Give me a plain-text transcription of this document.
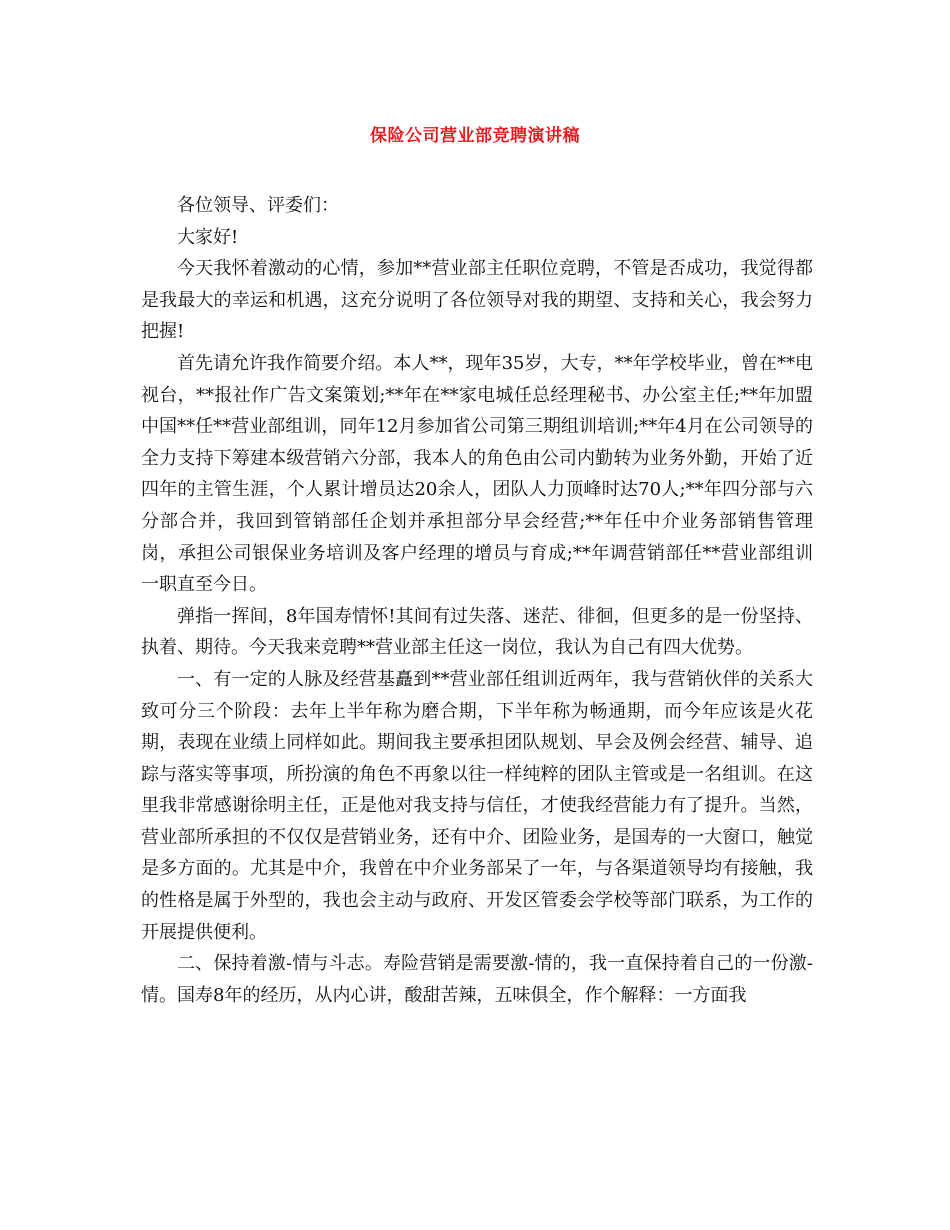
保险公司营业部竞聘演讲稿

各位领导、评委们：

大家好!

今天我怀着激动的心情，参加**营业部主任职位竞聘，不管是否成功，我觉得都是我最大的幸运和机遇，这充分说明了各位领导对我的期望、支持和关心，我会努力把握!

首先请允许我作简要介绍。本人**，现年35岁，大专，**年学校毕业，曾在**电视台，**报社作广告文案策划;**年在**家电城任总经理秘书、办公室主任;**年加盟中国**任**营业部组训，同年12月参加省公司第三期组训培训;**年4月在公司领导的全力支持下筹建本级营销六分部，我本人的角色由公司内勤转为业务外勤，开始了近四年的主管生涯，个人累计增员达20余人，团队人力顶峰时达70人;**年四分部与六分部合并，我回到管销部任企划并承担部分早会经营;**年任中介业务部销售管理岗，承担公司银保业务培训及客户经理的增员与育成;**年调营销部任**营业部组训一职直至今日。

弹指一挥间，8年国寿情怀!其间有过失落、迷茫、徘徊，但更多的是一份坚持、执着、期待。今天我来竞聘**营业部主任这一岗位，我认为自己有四大优势。

一、有一定的人脉及经营基矗到**营业部任组训近两年，我与营销伙伴的关系大致可分三个阶段：去年上半年称为磨合期，下半年称为畅通期，而今年应该是火花期，表现在业绩上同样如此。期间我主要承担团队规划、早会及例会经营、辅导、追踪与落实等事项，所扮演的角色不再象以往一样纯粹的团队主管或是一名组训。在这里我非常感谢徐明主任，正是他对我支持与信任，才使我经营能力有了提升。当然，营业部所承担的不仅仅是营销业务，还有中介、团险业务，是国寿的一大窗口，触觉是多方面的。尤其是中介，我曾在中介业务部呆了一年，与各渠道领导均有接触，我的性格是属于外型的，我也会主动与政府、开发区管委会学校等部门联系，为工作的开展提供便利。

二、保持着激-情与斗志。寿险营销是需要激-情的，我一直保持着自己的一份激-情。国寿8年的经历，从内心讲，酸甜苦辣，五味俱全，作个解释：一方面我
